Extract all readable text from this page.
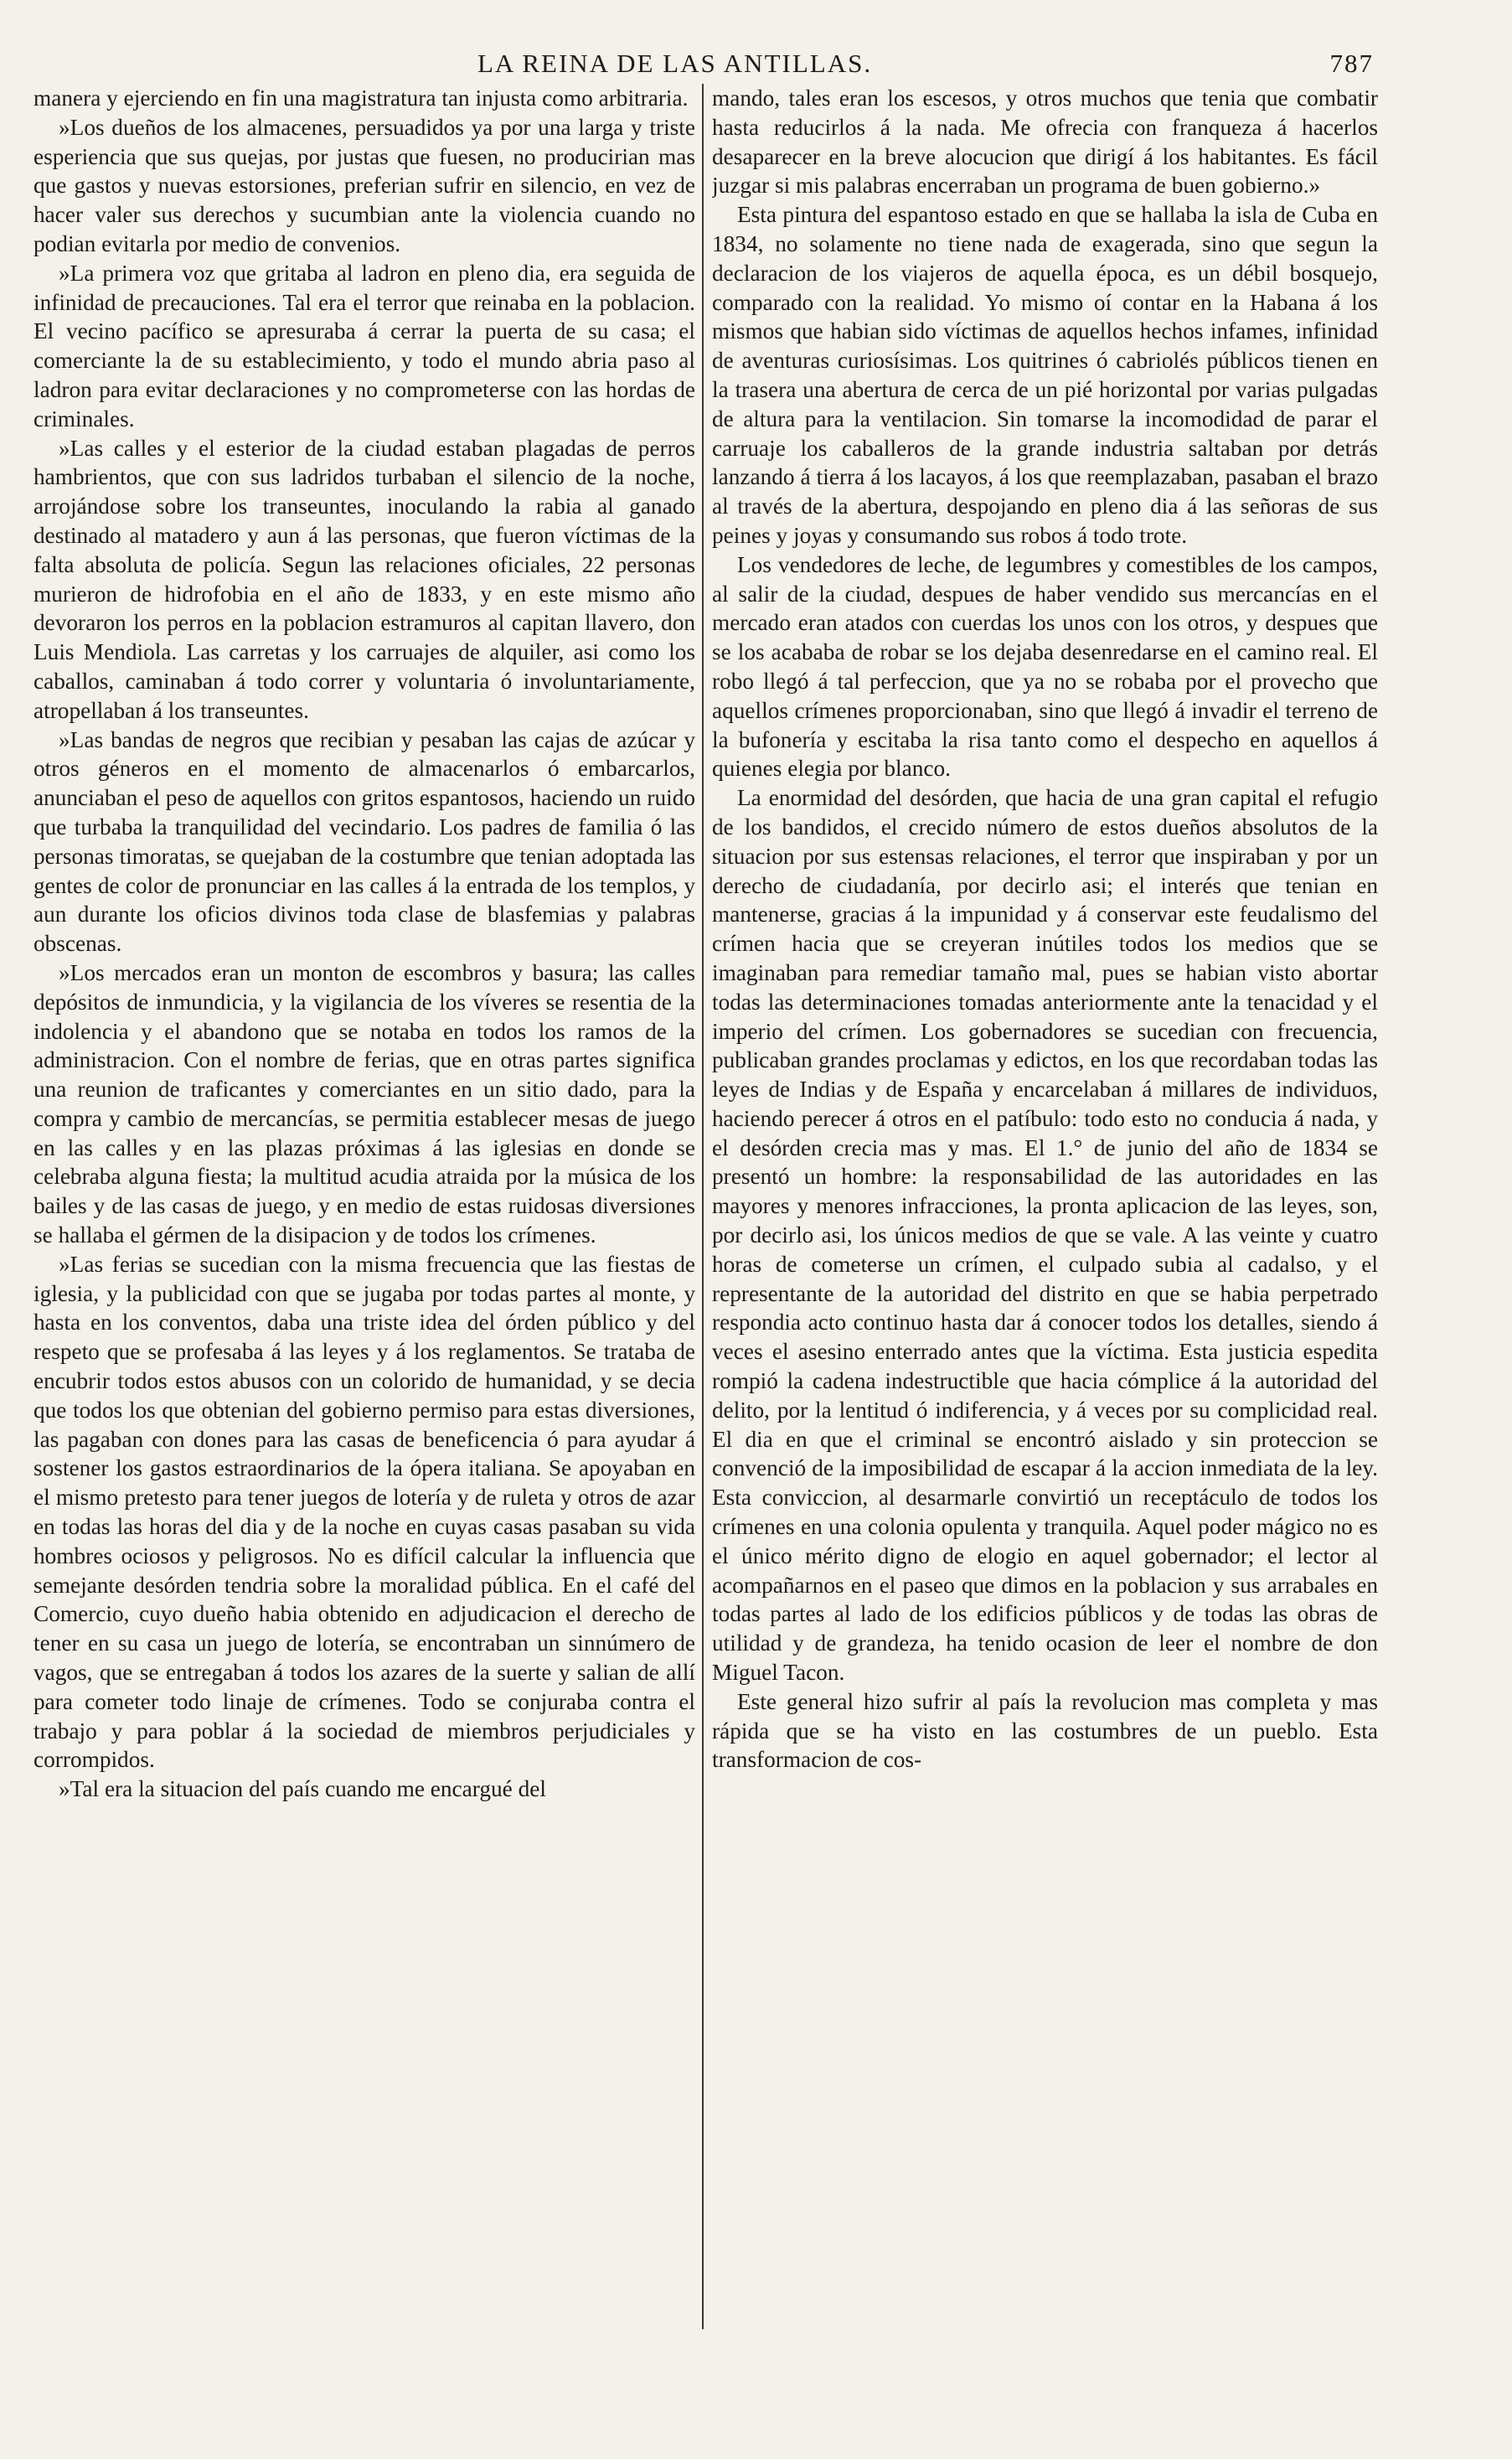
LA REINA DE LAS ANTILLAS.	787

manera y ejerciendo en fin una magistratura tan injusta como arbitraria.

»Los dueños de los almacenes, persuadidos ya por una larga y triste esperiencia que sus quejas, por justas que fuesen, no producirian mas que gastos y nuevas estorsiones, preferian sufrir en silencio, en vez de hacer valer sus derechos y sucumbian ante la violencia cuando no podian evitarla por medio de convenios.

»La primera voz que gritaba al ladron en pleno dia, era seguida de infinidad de precauciones. Tal era el terror que reinaba en la poblacion. El vecino pacífico se apresuraba á cerrar la puerta de su casa; el comerciante la de su establecimiento, y todo el mundo abria paso al ladron para evitar declaraciones y no comprometerse con las hordas de criminales.

»Las calles y el esterior de la ciudad estaban plagadas de perros hambrientos, que con sus ladridos turbaban el silencio de la noche, arrojándose sobre los transeuntes, inoculando la rabia al ganado destinado al matadero y aun á las personas, que fueron víctimas de la falta absoluta de policía. Segun las relaciones oficiales, 22 personas murieron de hidrofobia en el año de 1833, y en este mismo año devoraron los perros en la poblacion estramuros al capitan llavero, don Luis Mendiola. Las carretas y los carruajes de alquiler, asi como los caballos, caminaban á todo correr y voluntaria ó involuntariamente, atropellaban á los transeuntes.

»Las bandas de negros que recibian y pesaban las cajas de azúcar y otros géneros en el momento de almacenarlos ó embarcarlos, anunciaban el peso de aquellos con gritos espantosos, haciendo un ruido que turbaba la tranquilidad del vecindario. Los padres de familia ó las personas timoratas, se quejaban de la costumbre que tenian adoptada las gentes de color de pronunciar en las calles á la entrada de los templos, y aun durante los oficios divinos toda clase de blasfemias y palabras obscenas.

»Los mercados eran un monton de escombros y basura; las calles depósitos de inmundicia, y la vigilancia de los víveres se resentia de la indolencia y el abandono que se notaba en todos los ramos de la administracion. Con el nombre de ferias, que en otras partes significa una reunion de traficantes y comerciantes en un sitio dado, para la compra y cambio de mercancías, se permitia establecer mesas de juego en las calles y en las plazas próximas á las iglesias en donde se celebraba alguna fiesta; la multitud acudia atraida por la música de los bailes y de las casas de juego, y en medio de estas ruidosas diversiones se hallaba el gérmen de la disipacion y de todos los crímenes.

»Las ferias se sucedian con la misma frecuencia que las fiestas de iglesia, y la publicidad con que se jugaba por todas partes al monte, y hasta en los conventos, daba una triste idea del órden público y del respeto que se profesaba á las leyes y á los reglamentos. Se trataba de encubrir todos estos abusos con un colorido de humanidad, y se decia que todos los que obtenian del gobierno permiso para estas diversiones, las pagaban con dones para las casas de beneficencia ó para ayudar á sostener los gastos estraordinarios de la ópera italiana. Se apoyaban en el mismo pretesto para tener juegos de lotería y de ruleta y otros de azar en todas las horas del dia y de la noche en cuyas casas pasaban su vida hombres ociosos y peligrosos. No es difícil calcular la influencia que semejante desórden tendria sobre la moralidad pública. En el café del Comercio, cuyo dueño habia obtenido en adjudicacion el derecho de tener en su casa un juego de lotería, se encontraban un sinnúmero de vagos, que se entregaban á todos los azares de la suerte y salian de allí para cometer todo linaje de crímenes. Todo se conjuraba contra el trabajo y para poblar á la sociedad de miembros perjudiciales y corrompidos.

»Tal era la situacion del país cuando me encargué del

mando, tales eran los escesos, y otros muchos que tenia que combatir hasta reducirlos á la nada. Me ofrecia con franqueza á hacerlos desaparecer en la breve alocucion que dirigí á los habitantes. Es fácil juzgar si mis palabras encerraban un programa de buen gobierno.»

Esta pintura del espantoso estado en que se hallaba la isla de Cuba en 1834, no solamente no tiene nada de exagerada, sino que segun la declaracion de los viajeros de aquella época, es un débil bosquejo, comparado con la realidad. Yo mismo oí contar en la Habana á los mismos que habian sido víctimas de aquellos hechos infames, infinidad de aventuras curiosísimas. Los quitrines ó cabriolés públicos tienen en la trasera una abertura de cerca de un pié horizontal por varias pulgadas de altura para la ventilacion. Sin tomarse la incomodidad de parar el carruaje los caballeros de la grande industria saltaban por detrás lanzando á tierra á los lacayos, á los que reemplazaban, pasaban el brazo al través de la abertura, despojando en pleno dia á las señoras de sus peines y joyas y consumando sus robos á todo trote.

Los vendedores de leche, de legumbres y comestibles de los campos, al salir de la ciudad, despues de haber vendido sus mercancías en el mercado eran atados con cuerdas los unos con los otros, y despues que se los acababa de robar se los dejaba desenredarse en el camino real. El robo llegó á tal perfeccion, que ya no se robaba por el provecho que aquellos crímenes proporcionaban, sino que llegó á invadir el terreno de la bufonería y escitaba la risa tanto como el despecho en aquellos á quienes elegia por blanco.

La enormidad del desórden, que hacia de una gran capital el refugio de los bandidos, el crecido número de estos dueños absolutos de la situacion por sus estensas relaciones, el terror que inspiraban y por un derecho de ciudadanía, por decirlo asi; el interés que tenian en mantenerse, gracias á la impunidad y á conservar este feudalismo del crímen hacia que se creyeran inútiles todos los medios que se imaginaban para remediar tamaño mal, pues se habian visto abortar todas las determinaciones tomadas anteriormente ante la tenacidad y el imperio del crímen. Los gobernadores se sucedian con frecuencia, publicaban grandes proclamas y edictos, en los que recordaban todas las leyes de Indias y de España y encarcelaban á millares de individuos, haciendo perecer á otros en el patíbulo: todo esto no conducia á nada, y el desórden crecia mas y mas. El 1.° de junio del año de 1834 se presentó un hombre: la responsabilidad de las autoridades en las mayores y menores infracciones, la pronta aplicacion de las leyes, son, por decirlo asi, los únicos medios de que se vale. A las veinte y cuatro horas de cometerse un crímen, el culpado subia al cadalso, y el representante de la autoridad del distrito en que se habia perpetrado respondia acto continuo hasta dar á conocer todos los detalles, siendo á veces el asesino enterrado antes que la víctima. Esta justicia espedita rompió la cadena indestructible que hacia cómplice á la autoridad del delito, por la lentitud ó indiferencia, y á veces por su complicidad real. El dia en que el criminal se encontró aislado y sin proteccion se convenció de la imposibilidad de escapar á la accion inmediata de la ley. Esta conviccion, al desarmarle convirtió un receptáculo de todos los crímenes en una colonia opulenta y tranquila. Aquel poder mágico no es el único mérito digno de elogio en aquel gobernador; el lector al acompañarnos en el paseo que dimos en la poblacion y sus arrabales en todas partes al lado de los edificios públicos y de todas las obras de utilidad y de grandeza, ha tenido ocasion de leer el nombre de don Miguel Tacon.

Este general hizo sufrir al país la revolucion mas completa y mas rápida que se ha visto en las costumbres de un pueblo. Esta transformacion de cos-
